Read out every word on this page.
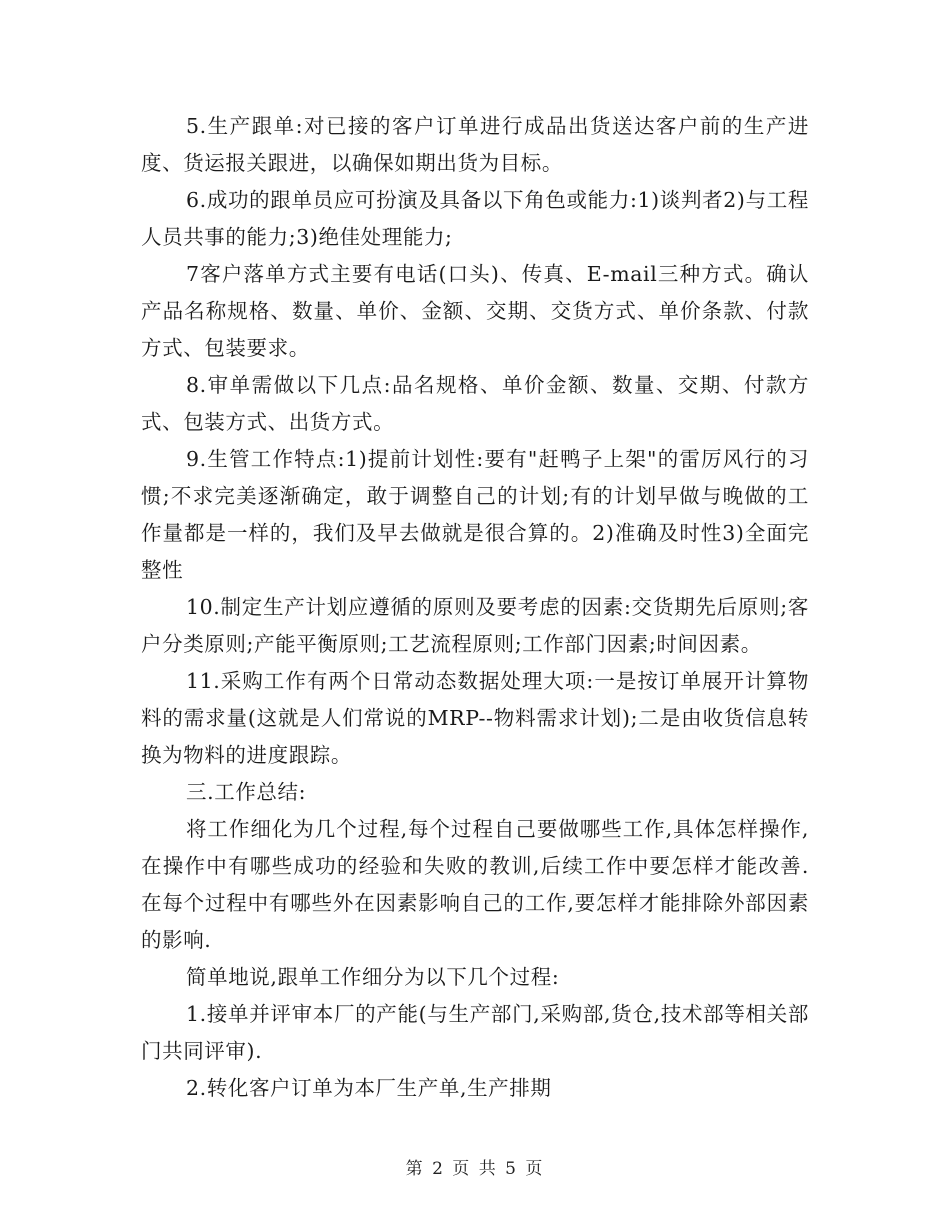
5.生产跟单:对已接的客户订单进行成品出货送达客户前的生产进度、货运报关跟进，以确保如期出货为目标。

6.成功的跟单员应可扮演及具备以下角色或能力:1)谈判者2)与工程人员共事的能力;3)绝佳处理能力;

7客户落单方式主要有电话(口头)、传真、E-mail三种方式。确认产品名称规格、数量、单价、金额、交期、交货方式、单价条款、付款方式、包装要求。

8.审单需做以下几点:品名规格、单价金额、数量、交期、付款方式、包装方式、出货方式。

9.生管工作特点:1)提前计划性:要有"赶鸭子上架"的雷厉风行的习惯;不求完美逐渐确定，敢于调整自己的计划;有的计划早做与晚做的工作量都是一样的，我们及早去做就是很合算的。2)准确及时性3)全面完整性

10.制定生产计划应遵循的原则及要考虑的因素:交货期先后原则;客户分类原则;产能平衡原则;工艺流程原则;工作部门因素;时间因素。

11.采购工作有两个日常动态数据处理大项:一是按订单展开计算物料的需求量(这就是人们常说的MRP--物料需求计划);二是由收货信息转换为物料的进度跟踪。

三.工作总结:

将工作细化为几个过程,每个过程自己要做哪些工作,具体怎样操作,在操作中有哪些成功的经验和失败的教训,后续工作中要怎样才能改善.在每个过程中有哪些外在因素影响自己的工作,要怎样才能排除外部因素的影响.

简单地说,跟单工作细分为以下几个过程:

1.接单并评审本厂的产能(与生产部门,采购部,货仓,技术部等相关部门共同评审).

2.转化客户订单为本厂生产单,生产排期

第 2 页 共 5 页
